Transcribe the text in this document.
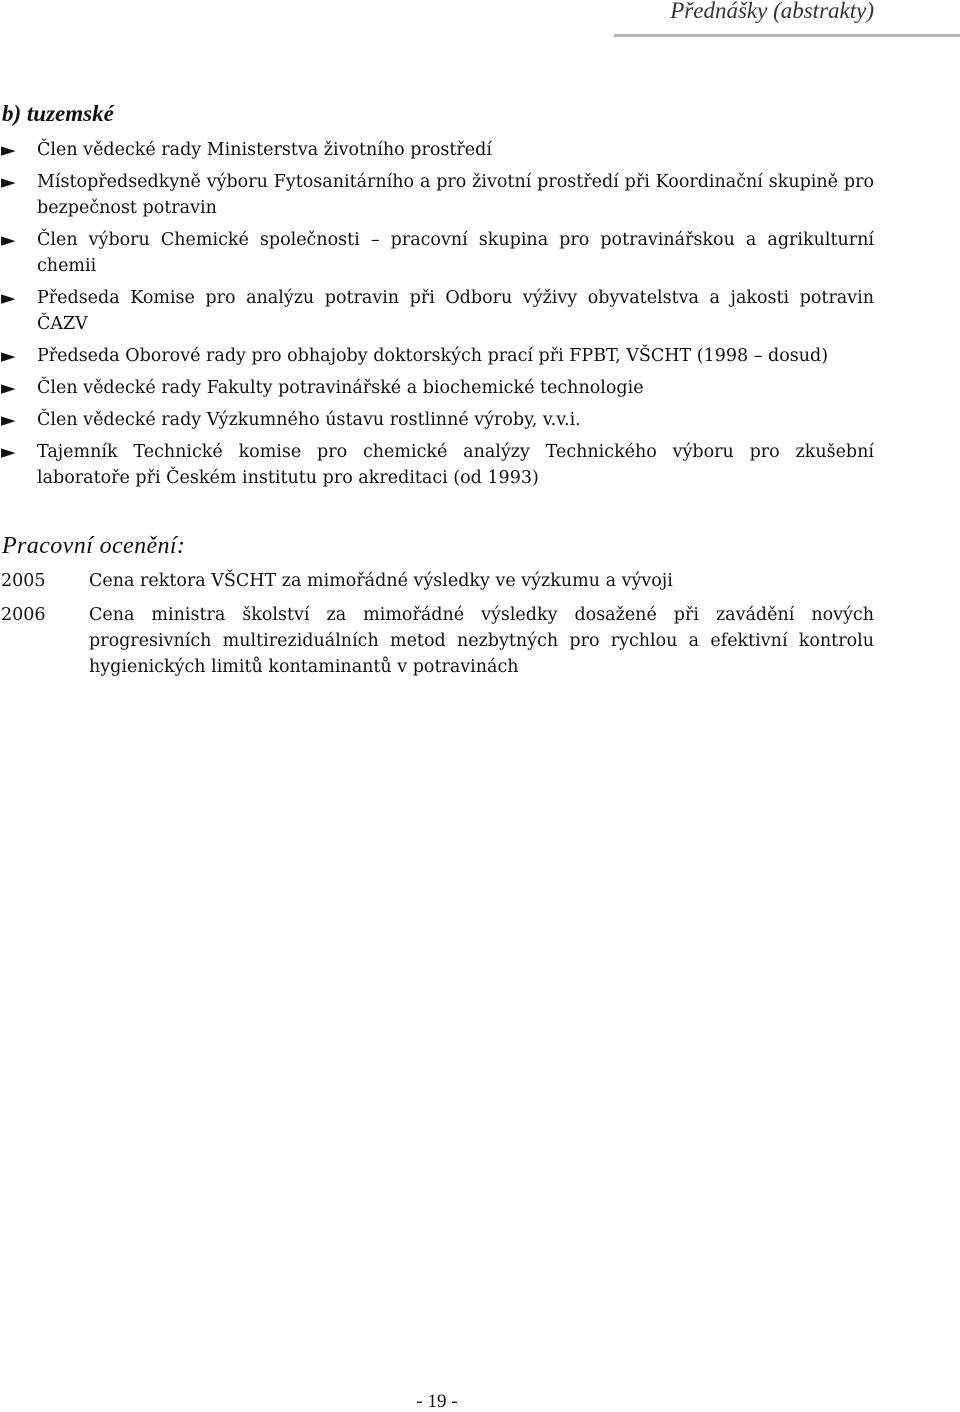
Přednášky (abstrakty)
b) tuzemské
► Člen vědecké rady Ministerstva životního prostředí
► Místopředsedkyně výboru Fytosanitárního a pro životní prostředí při Koordinační skupině pro bezpečnost potravin
► Člen výboru Chemické společnosti – pracovní skupina pro potravinářskou a agrikulturní chemii
► Předseda Komise pro analýzu potravin při Odboru výživy obyvatelstva a jakosti potravin ČAZV
► Předseda Oborové rady pro obhajoby doktorských prací při FPBT, VŠCHT (1998 – dosud)
► Člen vědecké rady Fakulty potravinářské a biochemické technologie
► Člen vědecké rady Výzkumného ústavu rostlinné výroby, v.v.i.
► Tajemník Technické komise pro chemické analýzy Technického výboru pro zkušební laboratoře při Českém institutu pro akreditaci (od 1993)
Pracovní ocenění:
2005	Cena rektora VŠCHT za mimořádné výsledky ve výzkumu a vývoji
2006	Cena ministra školství za mimořádné výsledky dosažené při zavádění nových progresivních multireziduálních metod nezbytných pro rychlou a efektivní kontrolu hygienických limitů kontaminantů v potravinách
- 19 -
